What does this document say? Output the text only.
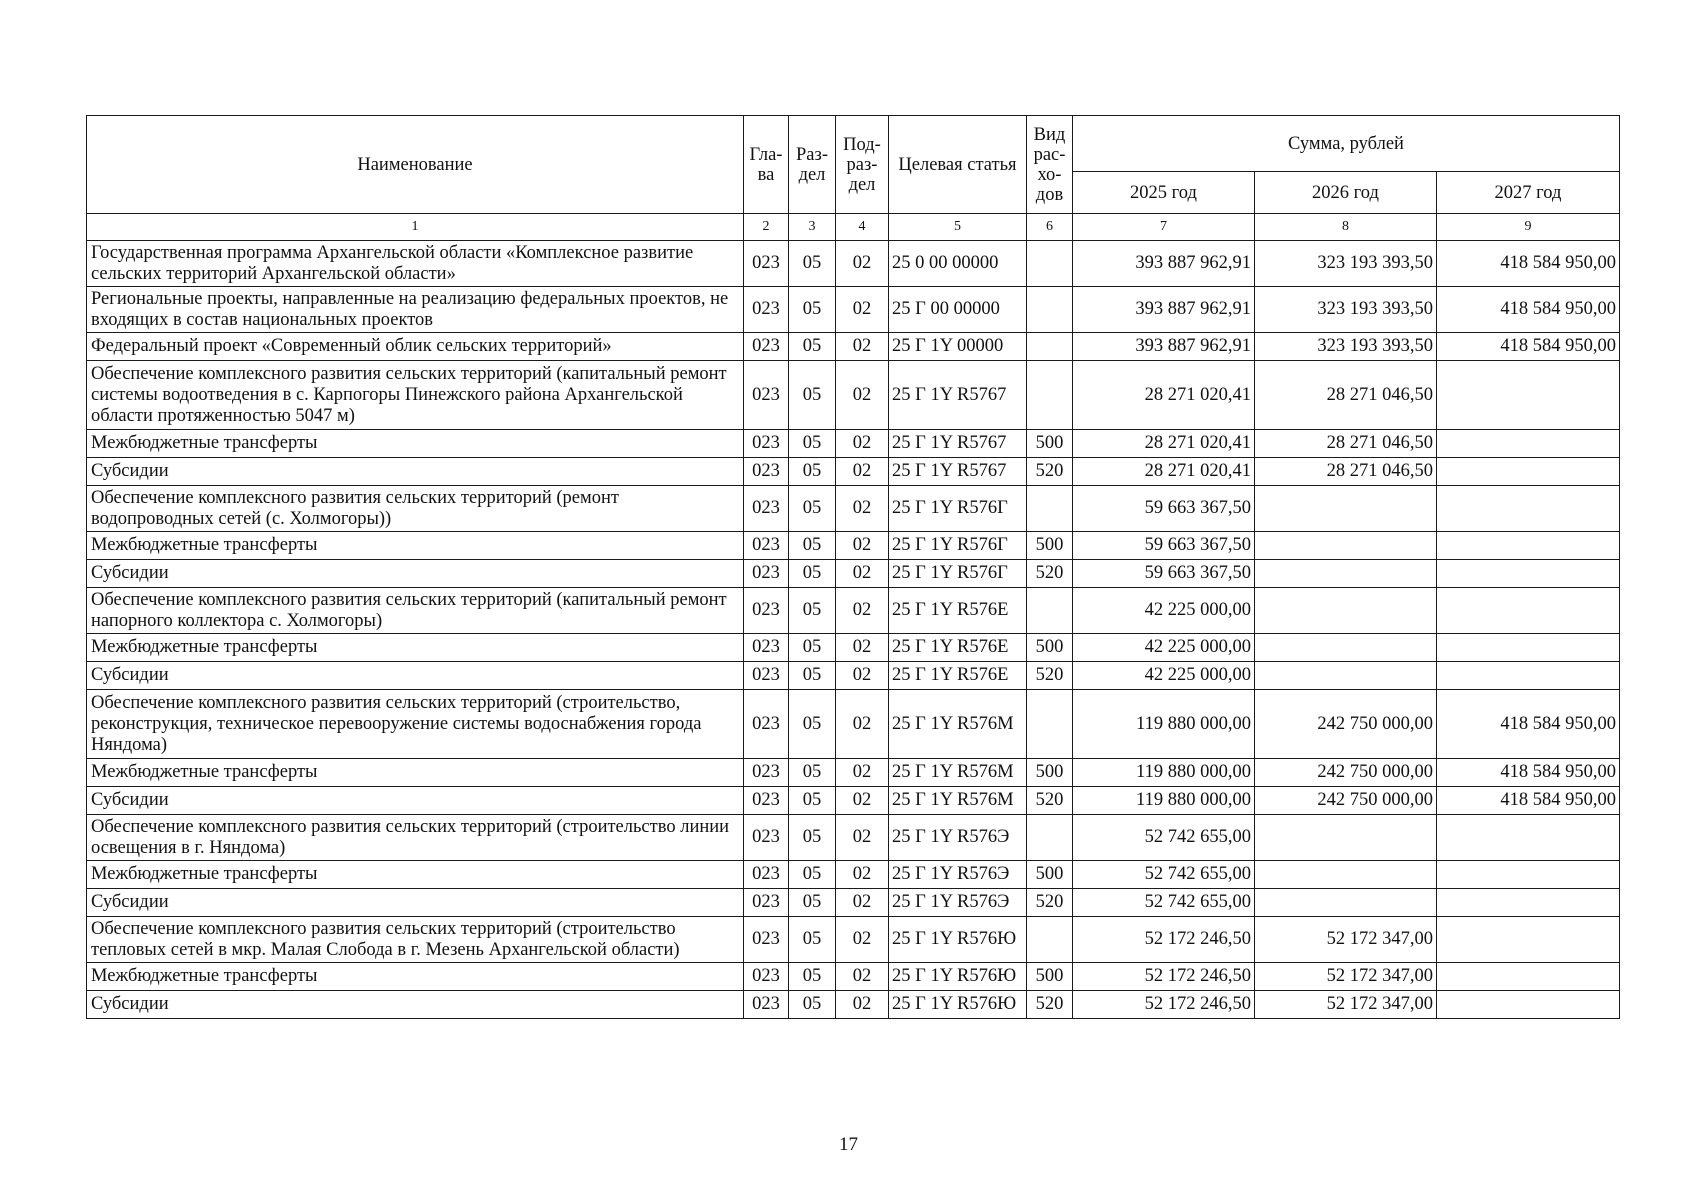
Наименование	Гла-ва	Раз-дел	Под-раз-дел	Целевая статья	Вид рас-хо-дов	Сумма, рублей		
						2025 год	2026 год	2027 год
1	2	3	4	5	6	7	8	9
Государственная программа Архангельской области «Комплексное развитие сельских территорий Архангельской области»	023	05	02	25 0 00 00000		393 887 962,91	323 193 393,50	418 584 950,00
Региональные проекты, направленные на реализацию федеральных проектов, не входящих в состав национальных проектов	023	05	02	25 Г 00 00000		393 887 962,91	323 193 393,50	418 584 950,00
Федеральный проект «Современный облик сельских территорий»	023	05	02	25 Г 1Y 00000		393 887 962,91	323 193 393,50	418 584 950,00
Обеспечение комплексного развития сельских территорий (капитальный ремонт системы водоотведения в с. Карпогоры Пинежского района Архангельской области протяженностью 5047 м)	023	05	02	25 Г 1Y R5767		28 271 020,41	28 271 046,50	
Межбюджетные трансферты	023	05	02	25 Г 1Y R5767	500	28 271 020,41	28 271 046,50	
Субсидии	023	05	02	25 Г 1Y R5767	520	28 271 020,41	28 271 046,50	
Обеспечение комплексного развития сельских территорий (ремонт водопроводных сетей (с. Холмогоры))	023	05	02	25 Г 1Y R576Г		59 663 367,50		
Межбюджетные трансферты	023	05	02	25 Г 1Y R576Г	500	59 663 367,50		
Субсидии	023	05	02	25 Г 1Y R576Г	520	59 663 367,50		
Обеспечение комплексного развития сельских территорий (капитальный ремонт напорного коллектора с. Холмогоры)	023	05	02	25 Г 1Y R576Е		42 225 000,00		
Межбюджетные трансферты	023	05	02	25 Г 1Y R576Е	500	42 225 000,00		
Субсидии	023	05	02	25 Г 1Y R576Е	520	42 225 000,00		
Обеспечение комплексного развития сельских территорий (строительство, реконструкция, техническое перевооружение системы водоснабжения города Няндома)	023	05	02	25 Г 1Y R576М		119 880 000,00	242 750 000,00	418 584 950,00
Межбюджетные трансферты	023	05	02	25 Г 1Y R576М	500	119 880 000,00	242 750 000,00	418 584 950,00
Субсидии	023	05	02	25 Г 1Y R576М	520	119 880 000,00	242 750 000,00	418 584 950,00
Обеспечение комплексного развития сельских территорий (строительство линии освещения в г. Няндома)	023	05	02	25 Г 1Y R576Э		52 742 655,00		
Межбюджетные трансферты	023	05	02	25 Г 1Y R576Э	500	52 742 655,00		
Субсидии	023	05	02	25 Г 1Y R576Э	520	52 742 655,00		
Обеспечение комплексного развития сельских территорий (строительство тепловых сетей в мкр. Малая Слобода в г. Мезень Архангельской области)	023	05	02	25 Г 1Y R576Ю		52 172 246,50	52 172 347,00	
Межбюджетные трансферты	023	05	02	25 Г 1Y R576Ю	500	52 172 246,50	52 172 347,00	
Субсидии	023	05	02	25 Г 1Y R576Ю	520	52 172 246,50	52 172 347,00	
17
